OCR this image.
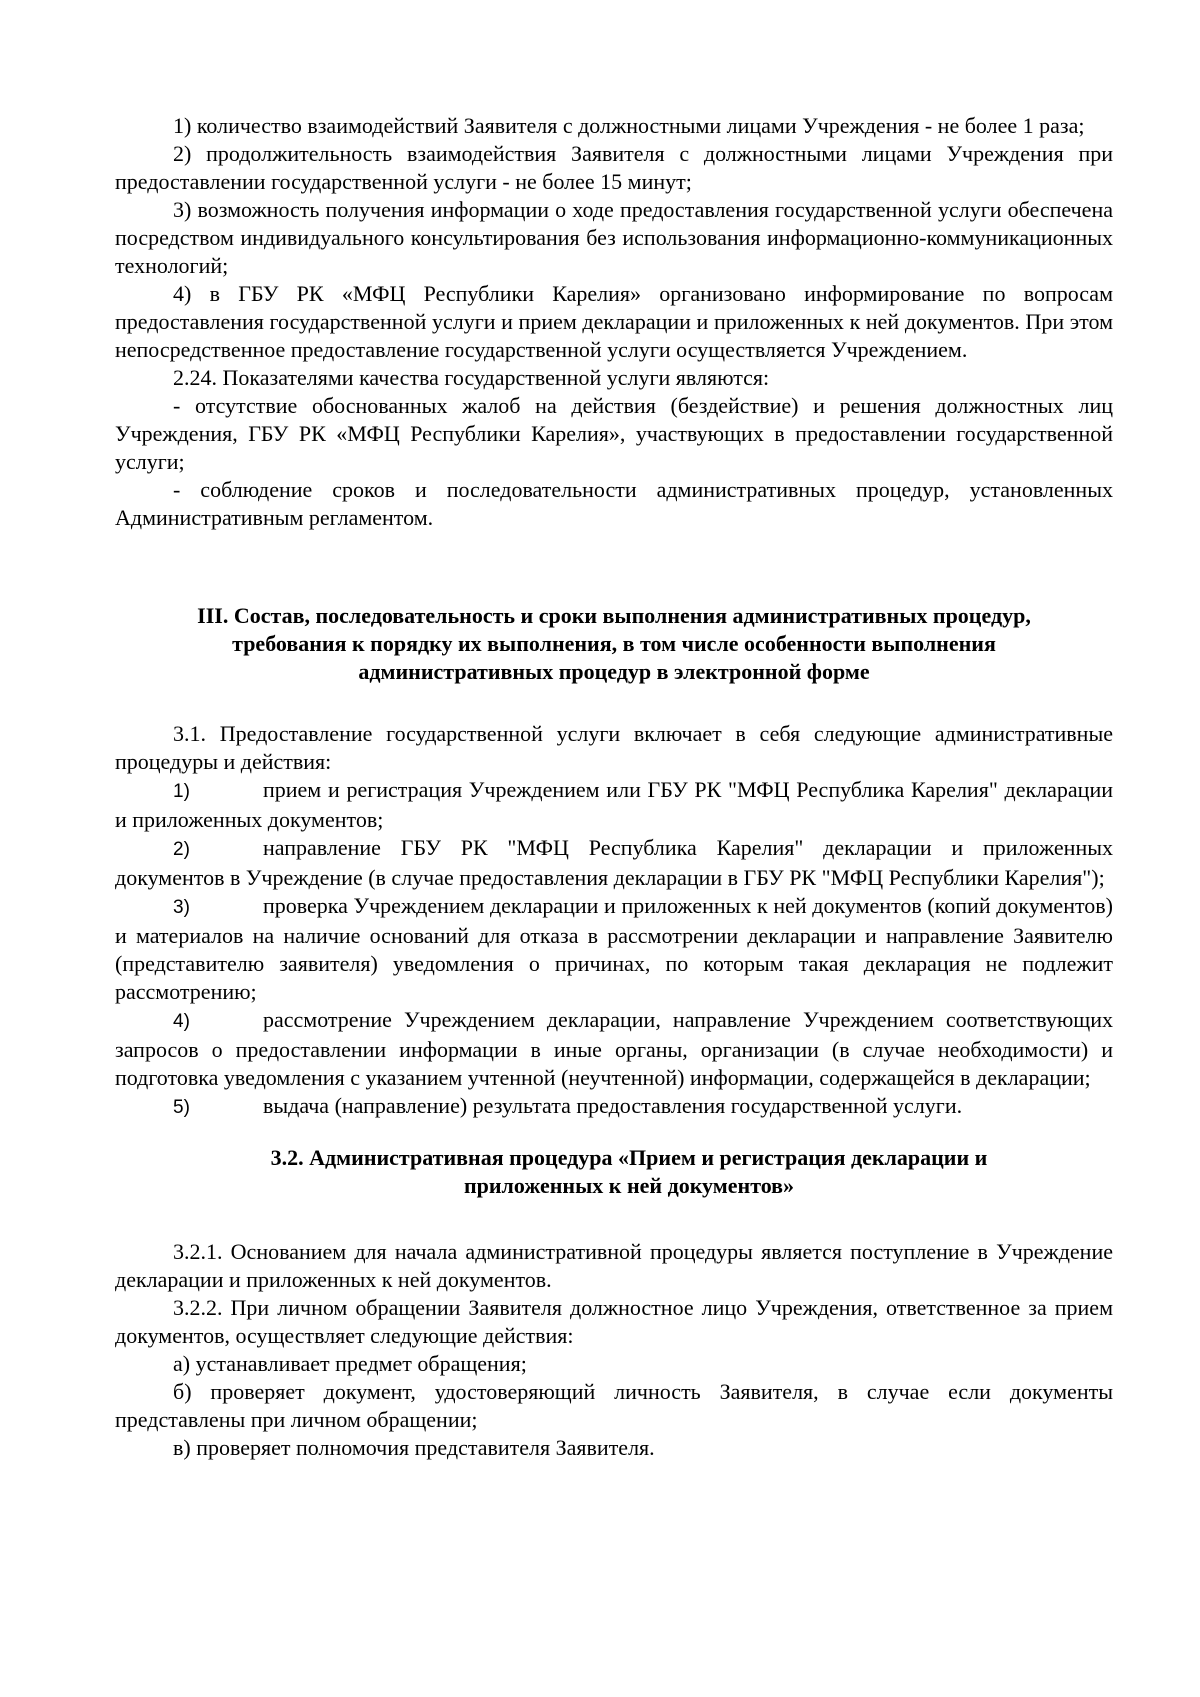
1) количество взаимодействий Заявителя с должностными лицами Учреждения - не более 1 раза;

2) продолжительность взаимодействия Заявителя с должностными лицами Учреждения при предоставлении государственной услуги - не более 15 минут;

3) возможность получения информации о ходе предоставления государственной услуги обеспечена посредством индивидуального консультирования без использования информационно-коммуникационных технологий;

4) в ГБУ РК «МФЦ Республики Карелия» организовано информирование по вопросам предоставления государственной услуги и прием декларации и приложенных к ней документов. При этом непосредственное предоставление государственной услуги осуществляется Учреждением.

2.24. Показателями качества государственной услуги являются:

- отсутствие обоснованных жалоб на действия (бездействие) и решения должностных лиц Учреждения, ГБУ РК «МФЦ Республики Карелия», участвующих в предоставлении государственной услуги;

- соблюдение сроков и последовательности административных процедур, установленных Административным регламентом.

III. Состав, последовательность и сроки выполнения административных процедур, требования к порядку их выполнения, в том числе особенности выполнения административных процедур в электронной форме

3.1. Предоставление государственной услуги включает в себя следующие административные процедуры и действия:

1)	прием и регистрация Учреждением или ГБУ РК "МФЦ Республика Карелия" декларации и приложенных документов;
2)	направление ГБУ РК "МФЦ Республика Карелия" декларации и приложенных документов в Учреждение (в случае предоставления декларации в ГБУ РК "МФЦ Республики Карелия");
3)	проверка Учреждением декларации и приложенных к ней документов (копий документов) и материалов на наличие оснований для отказа в рассмотрении декларации и направление Заявителю (представителю заявителя) уведомления о причинах, по которым такая декларация не подлежит рассмотрению;
4)	рассмотрение Учреждением декларации, направление Учреждением соответствующих запросов о предоставлении информации в иные органы, организации (в случае необходимости) и подготовка уведомления с указанием учтенной (неучтенной) информации, содержащейся в декларации;
5)	выдача (направление) результата предоставления государственной услуги.
3.2. Административная процедура «Прием и регистрация декларации и приложенных к ней документов»

3.2.1. Основанием для начала административной процедуры является поступление в Учреждение декларации и приложенных к ней документов.

3.2.2. При личном обращении Заявителя должностное лицо Учреждения, ответственное за прием документов, осуществляет следующие действия:

а) устанавливает предмет обращения;

б) проверяет документ, удостоверяющий личность Заявителя, в случае если документы представлены при личном обращении;

в) проверяет полномочия представителя Заявителя.
